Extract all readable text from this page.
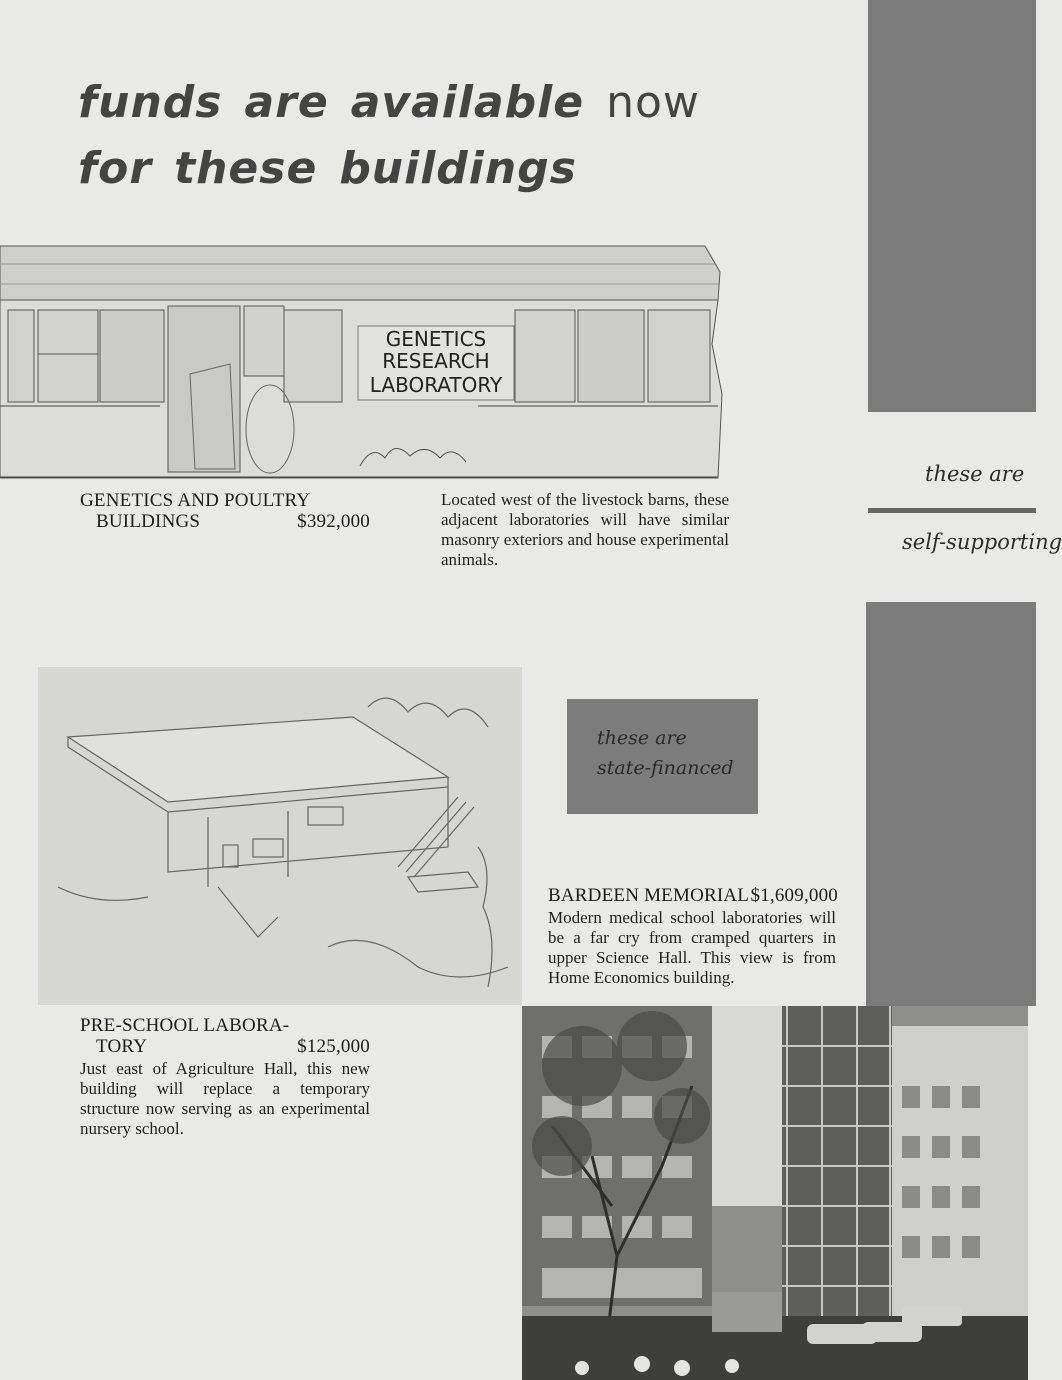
funds are available now
for these buildings
these are
self-supporting
GENETICS
RESEARCH
LABORATORY
GENETICS AND POULTRY
BUILDINGS	$392,000
Located west of the livestock barns, these adjacent laboratories will have similar masonry exteriors and house experimental animals.
these are
state-financed
BARDEEN MEMORIAL $1,609,000
Modern medical school laboratories will be a far cry from cramped quarters in upper Science Hall. This view is from Home Economics building.
PRE-SCHOOL LABORA-
TORY	$125,000
Just east of Agriculture Hall, this new building will replace a temporary structure now serving as an experimental nursery school.
